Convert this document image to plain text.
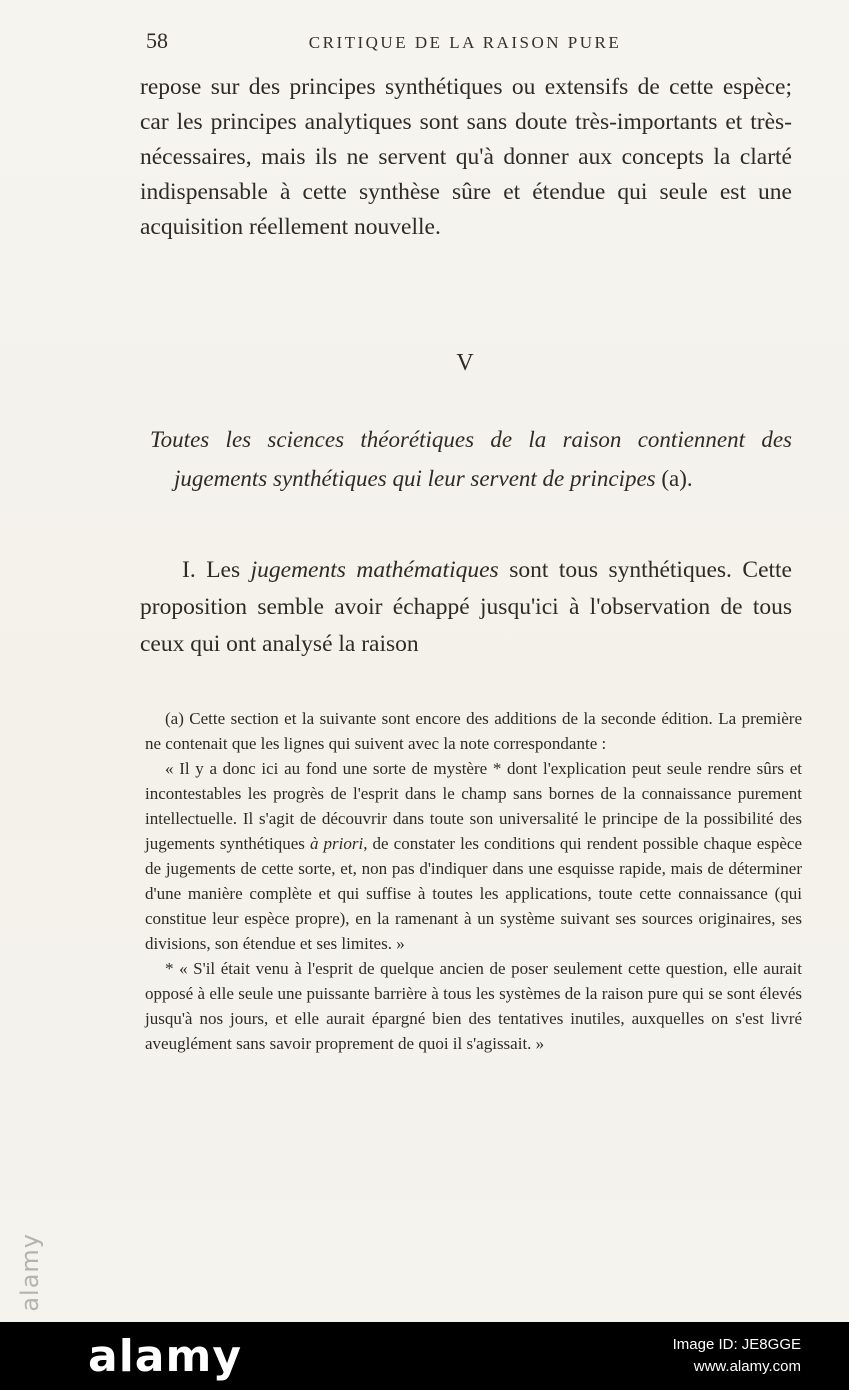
58	CRITIQUE DE LA RAISON PURE
repose sur des principes synthétiques ou extensifs de cette espèce; car les principes analytiques sont sans doute très-importants et très-nécessaires, mais ils ne servent qu'à donner aux concepts la clarté indispensable à cette synthèse sûre et étendue qui seule est une acquisition réellement nouvelle.
V
Toutes les sciences théorétiques de la raison contiennent des jugements synthétiques qui leur servent de principes (a).
I. Les jugements mathématiques sont tous synthétiques. Cette proposition semble avoir échappé jusqu'ici à l'observation de tous ceux qui ont analysé la raison

(a) Cette section et la suivante sont encore des additions de la seconde édition. La première ne contenait que les lignes qui suivent avec la note correspondante :

« Il y a donc ici au fond une sorte de mystère * dont l'explication peut seule rendre sûrs et incontestables les progrès de l'esprit dans le champ sans bornes de la connaissance purement intellectuelle. Il s'agit de découvrir dans toute son universalité le principe de la possibilité des jugements synthétiques à priori, de constater les conditions qui rendent possible chaque espèce de jugements de cette sorte, et, non pas d'indiquer dans une esquisse rapide, mais de déterminer d'une manière complète et qui suffise à toutes les applications, toute cette connaissance (qui constitue leur espèce propre), en la ramenant à un système suivant ses sources originaires, ses divisions, son étendue et ses limites. »

* « S'il était venu à l'esprit de quelque ancien de poser seulement cette question, elle aurait opposé à elle seule une puissante barrière à tous les systèmes de la raison pure qui se sont élevés jusqu'à nos jours, et elle aurait épargné bien des tentatives inutiles, auxquelles on s'est livré aveuglément sans savoir proprement de quoi il s'agissait. »

alamy
alamy	Image ID: JE8GGE
www.alamy.com
